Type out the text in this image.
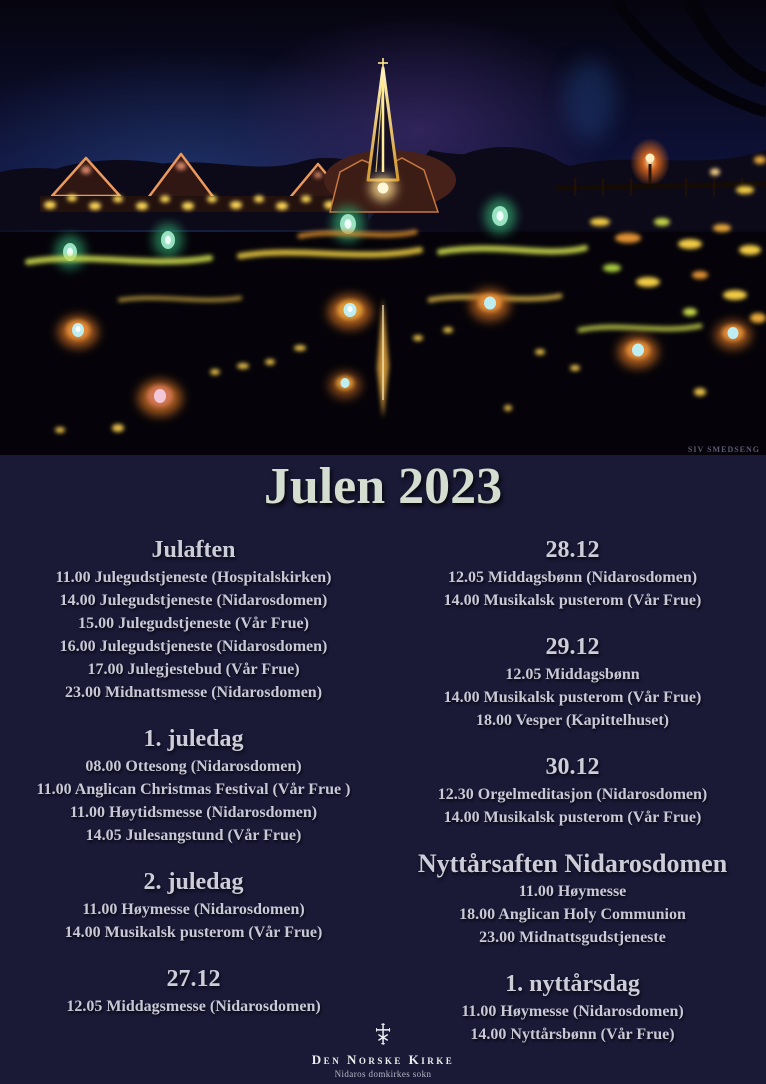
SIV SMEDSENG
Julen 2023
Julaften
11.00 Julegudstjeneste (Hospitalskirken)
14.00 Julegudstjeneste (Nidarosdomen)
15.00 Julegudstjeneste (Vår Frue)
16.00 Julegudstjeneste (Nidarosdomen)
17.00 Julegjestebud (Vår Frue)
23.00 Midnattsmesse (Nidarosdomen)
1. juledag
08.00 Ottesong (Nidarosdomen)
11.00 Anglican Christmas Festival (Vår Frue )
11.00 Høytidsmesse (Nidarosdomen)
14.05 Julesangstund (Vår Frue)
2. juledag
11.00 Høymesse (Nidarosdomen)
14.00 Musikalsk pusterom (Vår Frue)
27.12
12.05 Middagsmesse (Nidarosdomen)
28.12
12.05 Middagsbønn (Nidarosdomen)
14.00 Musikalsk pusterom (Vår Frue)
29.12
12.05 Middagsbønn
14.00 Musikalsk pusterom (Vår Frue)
18.00 Vesper (Kapittelhuset)
30.12
12.30 Orgelmeditasjon (Nidarosdomen)
14.00 Musikalsk pusterom (Vår Frue)
Nyttårsaften Nidarosdomen
11.00 Høymesse
18.00 Anglican Holy Communion
23.00 Midnattsgudstjeneste
1. nyttårsdag
11.00 Høymesse (Nidarosdomen)
14.00 Nyttårsbønn (Vår Frue)
Den Norske Kirke
Nidaros domkirkes sokn
